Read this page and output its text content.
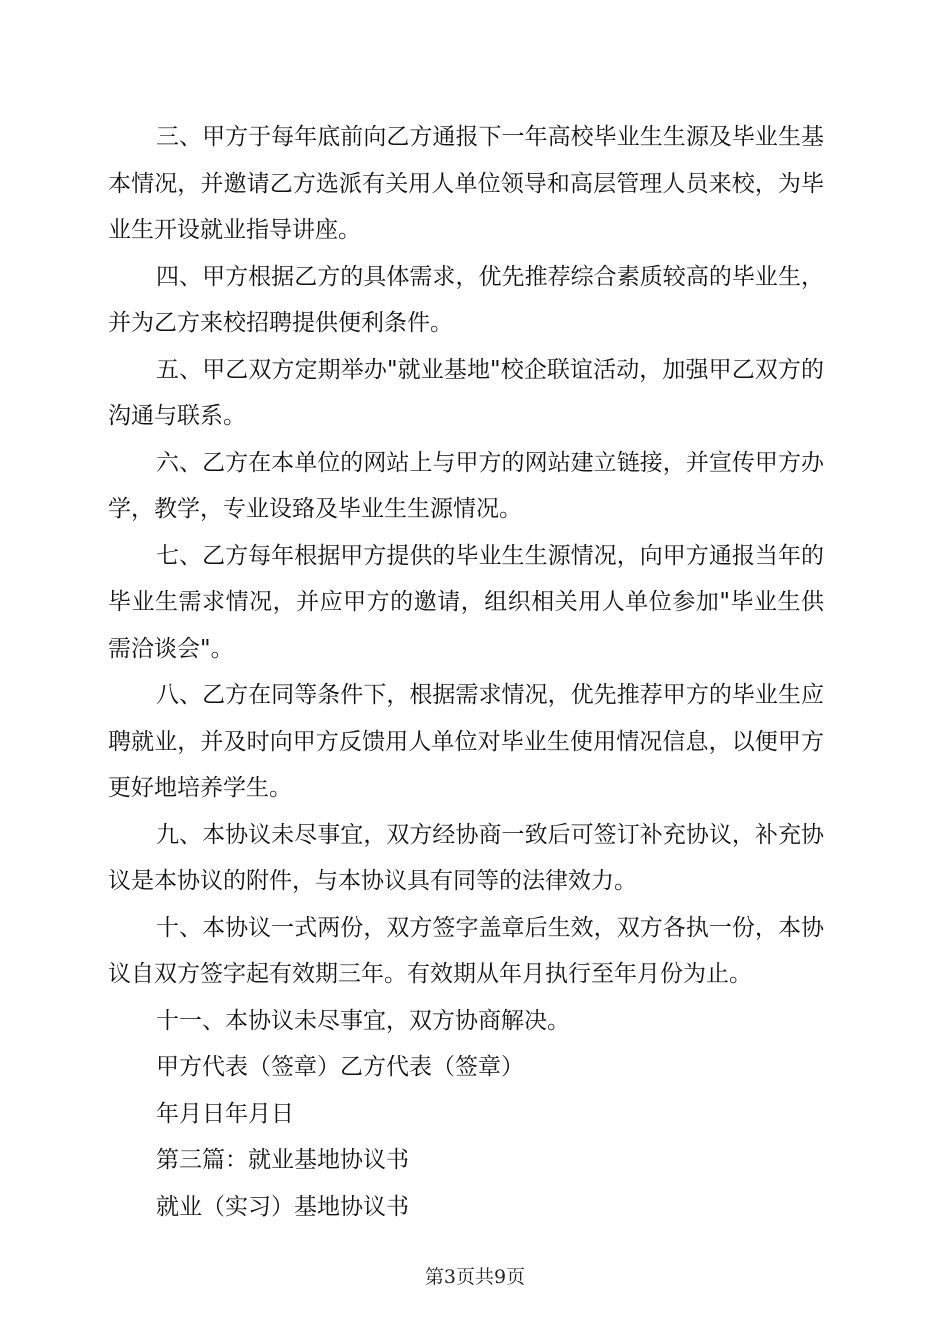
三、甲方于每年底前向乙方通报下一年高校毕业生生源及毕业生基本情况，并邀请乙方选派有关用人单位领导和高层管理人员来校，为毕业生开设就业指导讲座。

四、甲方根据乙方的具体需求，优先推荐综合素质较高的毕业生，并为乙方来校招聘提供便利条件。

五、甲乙双方定期举办"就业基地"校企联谊活动，加强甲乙双方的沟通与联系。

六、乙方在本单位的网站上与甲方的网站建立链接，并宣传甲方办学，教学，专业设臵及毕业生生源情况。

七、乙方每年根据甲方提供的毕业生生源情况，向甲方通报当年的毕业生需求情况，并应甲方的邀请，组织相关用人单位参加"毕业生供需洽谈会"。

八、乙方在同等条件下，根据需求情况，优先推荐甲方的毕业生应聘就业，并及时向甲方反馈用人单位对毕业生使用情况信息，以便甲方更好地培养学生。

九、本协议未尽事宜，双方经协商一致后可签订补充协议，补充协议是本协议的附件，与本协议具有同等的法律效力。

十、本协议一式两份，双方签字盖章后生效，双方各执一份，本协议自双方签字起有效期三年。有效期从年月执行至年月份为止。

十一、本协议未尽事宜，双方协商解决。

甲方代表（签章）乙方代表（签章）

年月日年月日

第三篇：就业基地协议书

就业（实习）基地协议书

第3页共9页
